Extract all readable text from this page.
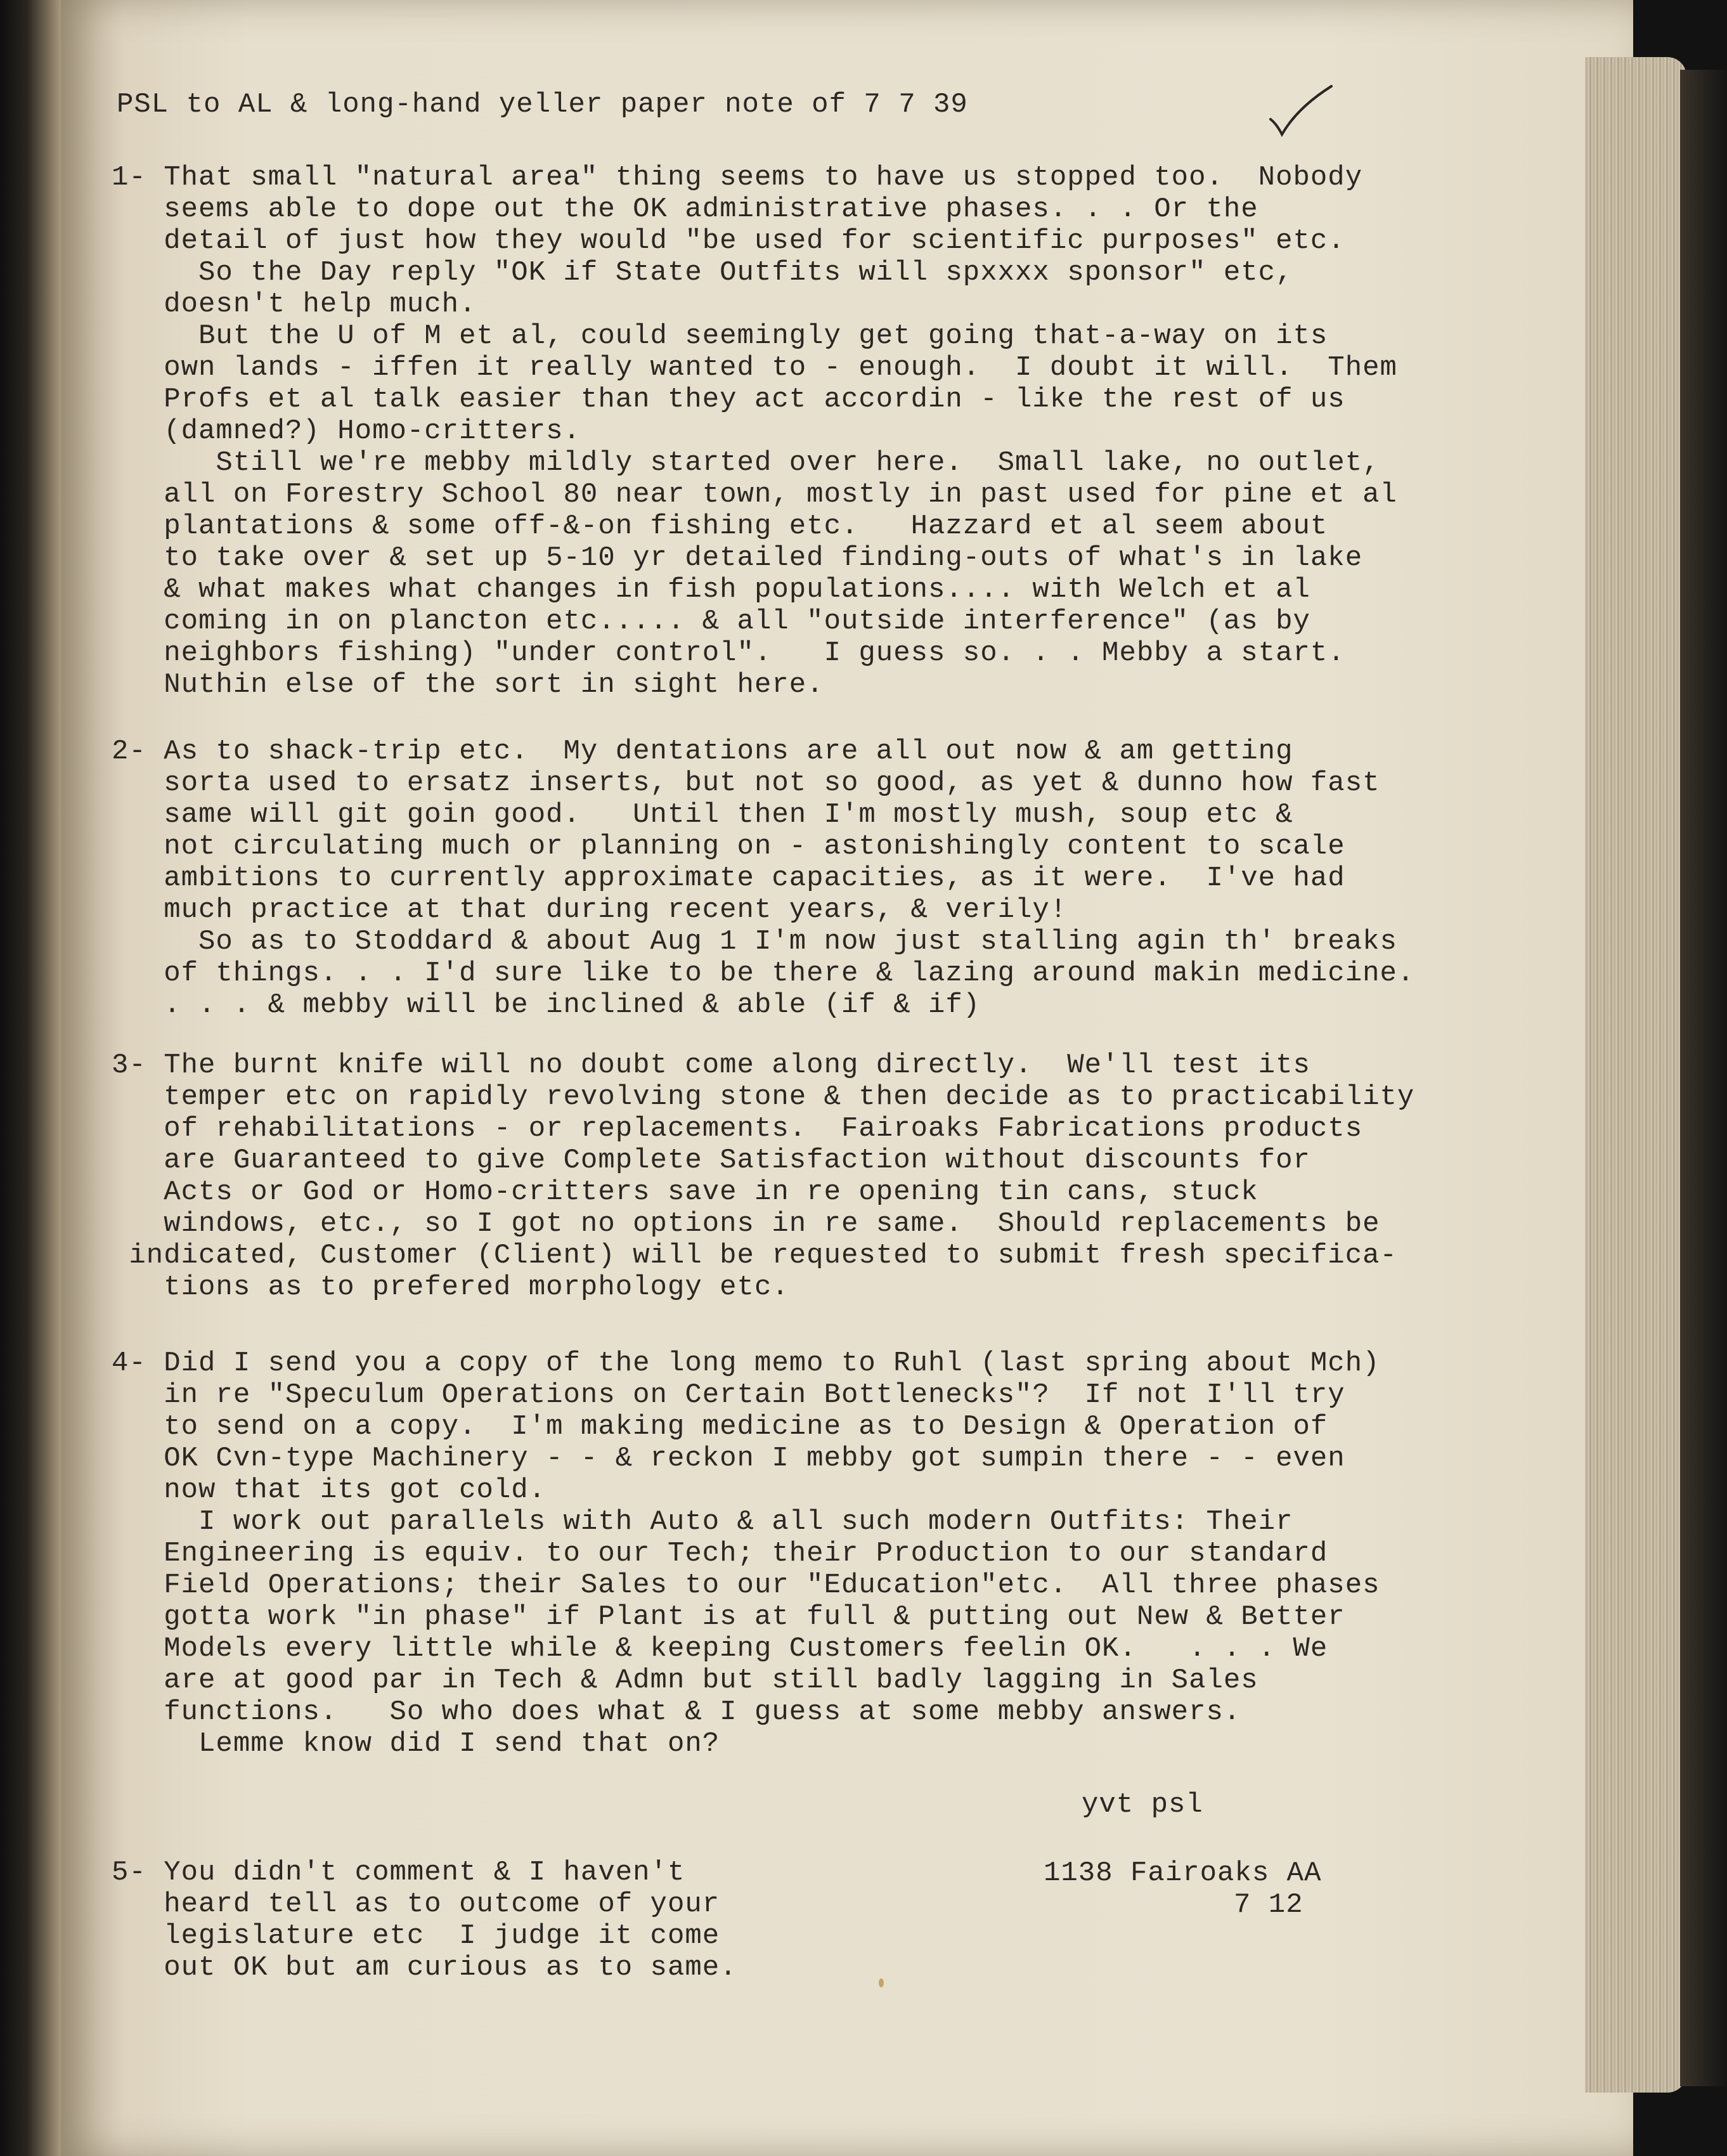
PSL to AL & long-hand yeller paper note of 7 7 39
1- That small "natural area" thing seems to have us stopped too.  Nobody
seems able to dope out the OK administrative phases. . . Or the
detail of just how they would "be used for scientific purposes" etc.
So the Day reply "OK if State Outfits will spxxxx sponsor" etc,
doesn't help much.
But the U of M et al, could seemingly get going that-a-way on its
own lands - iffen it really wanted to - enough.  I doubt it will.  Them
Profs et al talk easier than they act accordin - like the rest of us
(damned?) Homo-critters.
Still we're mebby mildly started over here.  Small lake, no outlet,
all on Forestry School 80 near town, mostly in past used for pine et al
plantations & some off-&-on fishing etc.   Hazzard et al seem about
to take over & set up 5-10 yr detailed finding-outs of what's in lake
& what makes what changes in fish populations.... with Welch et al
coming in on plancton etc..... & all "outside interference" (as by
neighbors fishing) "under control".   I guess so. . . Mebby a start.
Nuthin else of the sort in sight here.
2- As to shack-trip etc.  My dentations are all out now & am getting
sorta used to ersatz inserts, but not so good, as yet & dunno how fast
same will git goin good.   Until then I'm mostly mush, soup etc &
not circulating much or planning on - astonishingly content to scale
ambitions to currently approximate capacities, as it were.  I've had
much practice at that during recent years, & verily!
So as to Stoddard & about Aug 1 I'm now just stalling agin th' breaks
of things. . . I'd sure like to be there & lazing around makin medicine.
. . . & mebby will be inclined & able (if & if)
3- The burnt knife will no doubt come along directly.  We'll test its
temper etc on rapidly revolving stone & then decide as to practicability
of rehabilitations - or replacements.  Fairoaks Fabrications products
are Guaranteed to give Complete Satisfaction without discounts for
Acts or God or Homo-critters save in re opening tin cans, stuck
windows, etc., so I got no options in re same.  Should replacements be
indicated, Customer (Client) will be requested to submit fresh specifica-
tions as to prefered morphology etc.
4- Did I send you a copy of the long memo to Ruhl (last spring about Mch)
in re "Speculum Operations on Certain Bottlenecks"?  If not I'll try
to send on a copy.  I'm making medicine as to Design & Operation of
OK Cvn-type Machinery - - & reckon I mebby got sumpin there - - even
now that its got cold.
I work out parallels with Auto & all such modern Outfits: Their
Engineering is equiv. to our Tech; their Production to our standard
Field Operations; their Sales to our "Education"etc.  All three phases
gotta work "in phase" if Plant is at full & putting out New & Better
Models every little while & keeping Customers feelin OK.   . . . We
are at good par in Tech & Admn but still badly lagging in Sales
functions.   So who does what & I guess at some mebby answers.
Lemme know did I send that on?
5- You didn't comment & I haven't
heard tell as to outcome of your
legislature etc  I judge it come
out OK but am curious as to same.
yvt psl
1138 Fairoaks AA
7 12
